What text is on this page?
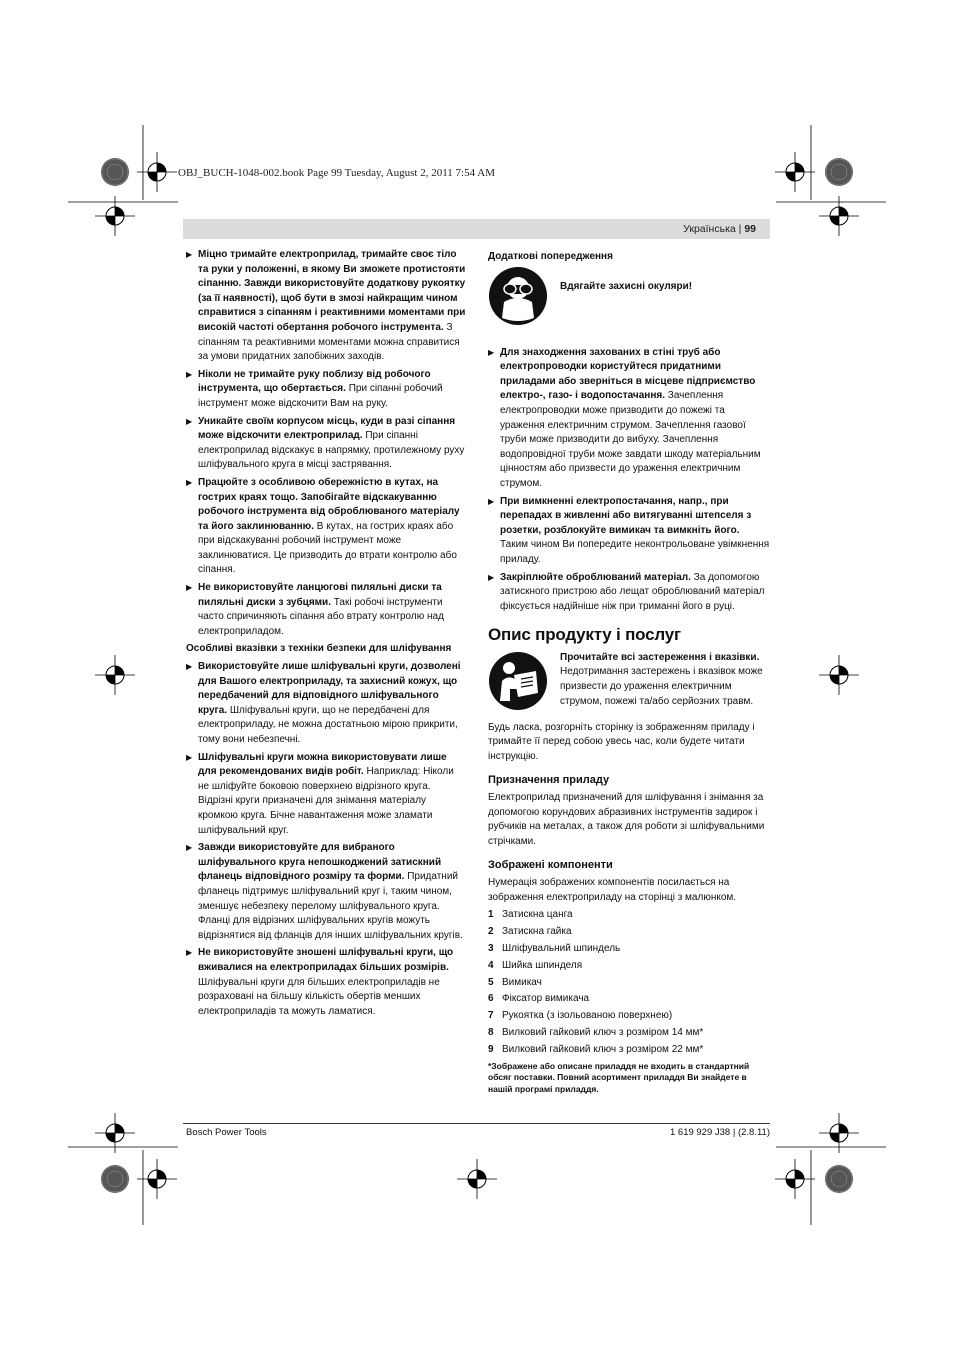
OBJ_BUCH-1048-002.book Page 99 Tuesday, August 2, 2011 7:54 AM
Українська | 99
▶ Міцно тримайте електроприлад, тримайте своє тіло та руки у положенні, в якому Ви зможете протистояти сіпанню. Завжди використовуйте додаткову рукоятку (за її наявності), щоб бути в змозі найкращим чином справитися з сіпанням і реактивними моментами при високій частоті обертання робочого інструмента. З сіпанням та реактивними моментами можна справитися за умови придатних запобіжних заходів.
▶ Ніколи не тримайте руку поблизу від робочого інструмента, що обертається. При сіпанні робочий інструмент може відскочити Вам на руку.
▶ Уникайте своїм корпусом місць, куди в разі сіпання може відскочити електроприлад. При сіпанні електроприлад відскакує в напрямку, протилежному руху шліфувального круга в місці застрявання.
▶ Працюйте з особливою обережністю в кутах, на гострих краях тощо. Запобігайте відскакуванню робочого інструмента від оброблюваного матеріалу та його заклинюванню. В кутах, на гострих краях або при відскакуванні робочий інструмент може заклинюватися. Це призводить до втрати контролю або сіпання.
▶ Не використовуйте ланцюгові пиляльні диски та пиляльні диски з зубцями. Такі робочі інструменти часто спричиняють сіпання або втрату контролю над електроприладом.
Особливі вказівки з техніки безпеки для шліфування
▶ Використовуйте лише шліфувальні круги, дозволені для Вашого електроприладу, та захисний кожух, що передбачений для відповідного шліфувального круга. Шліфувальні круги, що не передбачені для електроприладу, не можна достатньою мірою прикрити, тому вони небезпечні.
▶ Шліфувальні круги можна використовувати лише для рекомендованих видів робіт. Наприклад: Ніколи не шліфуйте боковою поверхнею відрізного круга. Відрізні круги призначені для знімання матеріалу кромкою круга. Бічне навантаження може зламати шліфувальний круг.
▶ Завжди використовуйте для вибраного шліфувального круга непошкоджений затискний фланець відповідного розміру та форми. Придатний фланець підтримує шліфувальний круг і, таким чином, зменшує небезпеку перелому шліфувального круга. Фланці для відрізних шліфувальних кругів можуть відрізнятися від фланців для інших шліфувальних кругів.
▶ Не використовуйте зношені шліфувальні круги, що вживалися на електроприладах більших розмірів. Шліфувальні круги для більших електроприладів не розраховані на більшу кількість обертів менших електроприладів та можуть ламатися.
Додаткові попередження
Вдягайте захисні окуляри!
▶ Для знаходження захованих в стіні труб або електропроводки користуйтеся придатними приладами або зверніться в місцеве підприємство електро-, газо- і водопостачання. Зачеплення електропроводки може призводити до пожежі та ураження електричним струмом. Зачеплення газової труби може призводити до вибуху. Зачеплення водопровідної труби може завдати шкоду матеріальним цінностям або призвести до ураження електричним струмом.
▶ При вимкненні електропостачання, напр., при перепадах в живленні або витягуванні штепселя з розетки, розблокуйте вимикач та вимкніть його. Таким чином Ви попередите неконтрольоване увімкнення приладу.
▶ Закріплюйте оброблюваний матеріал. За допомогою затискного пристрою або лещат оброблюваний матеріал фіксується надійніше ніж при триманні його в руці.
Опис продукту і послуг
Прочитайте всі застереження і вказівки. Недотримання застережень і вказівок може призвести до ураження електричним струмом, пожежі та/або серйозних травм.
Будь ласка, розгорніть сторінку із зображенням приладу і тримайте її перед собою увесь час, коли будете читати інструкцію.
Призначення приладу
Електроприлад призначений для шліфування і знімання за допомогою корундових абразивних інструментів задирок і рубчиків на металах, а також для роботи зі шліфувальними стрічками.
Зображені компоненти
Нумерація зображених компонентів посилається на зображення електроприладу на сторінці з малюнком.
1 Затискна цанга
2 Затискна гайка
3 Шліфувальний шпиндель
4 Шийка шпинделя
5 Вимикач
6 Фіксатор вимикача
7 Рукоятка (з ізольованою поверхнею)
8 Вилковий гайковий ключ з розміром 14 мм*
9 Вилковий гайковий ключ з розміром 22 мм*
*Зображене або описане приладдя не входить в стандартний обсяг поставки. Повний асортимент приладдя Ви знайдете в нашій програмі приладдя.
Bosch Power Tools	1 619 929 J38 | (2.8.11)
